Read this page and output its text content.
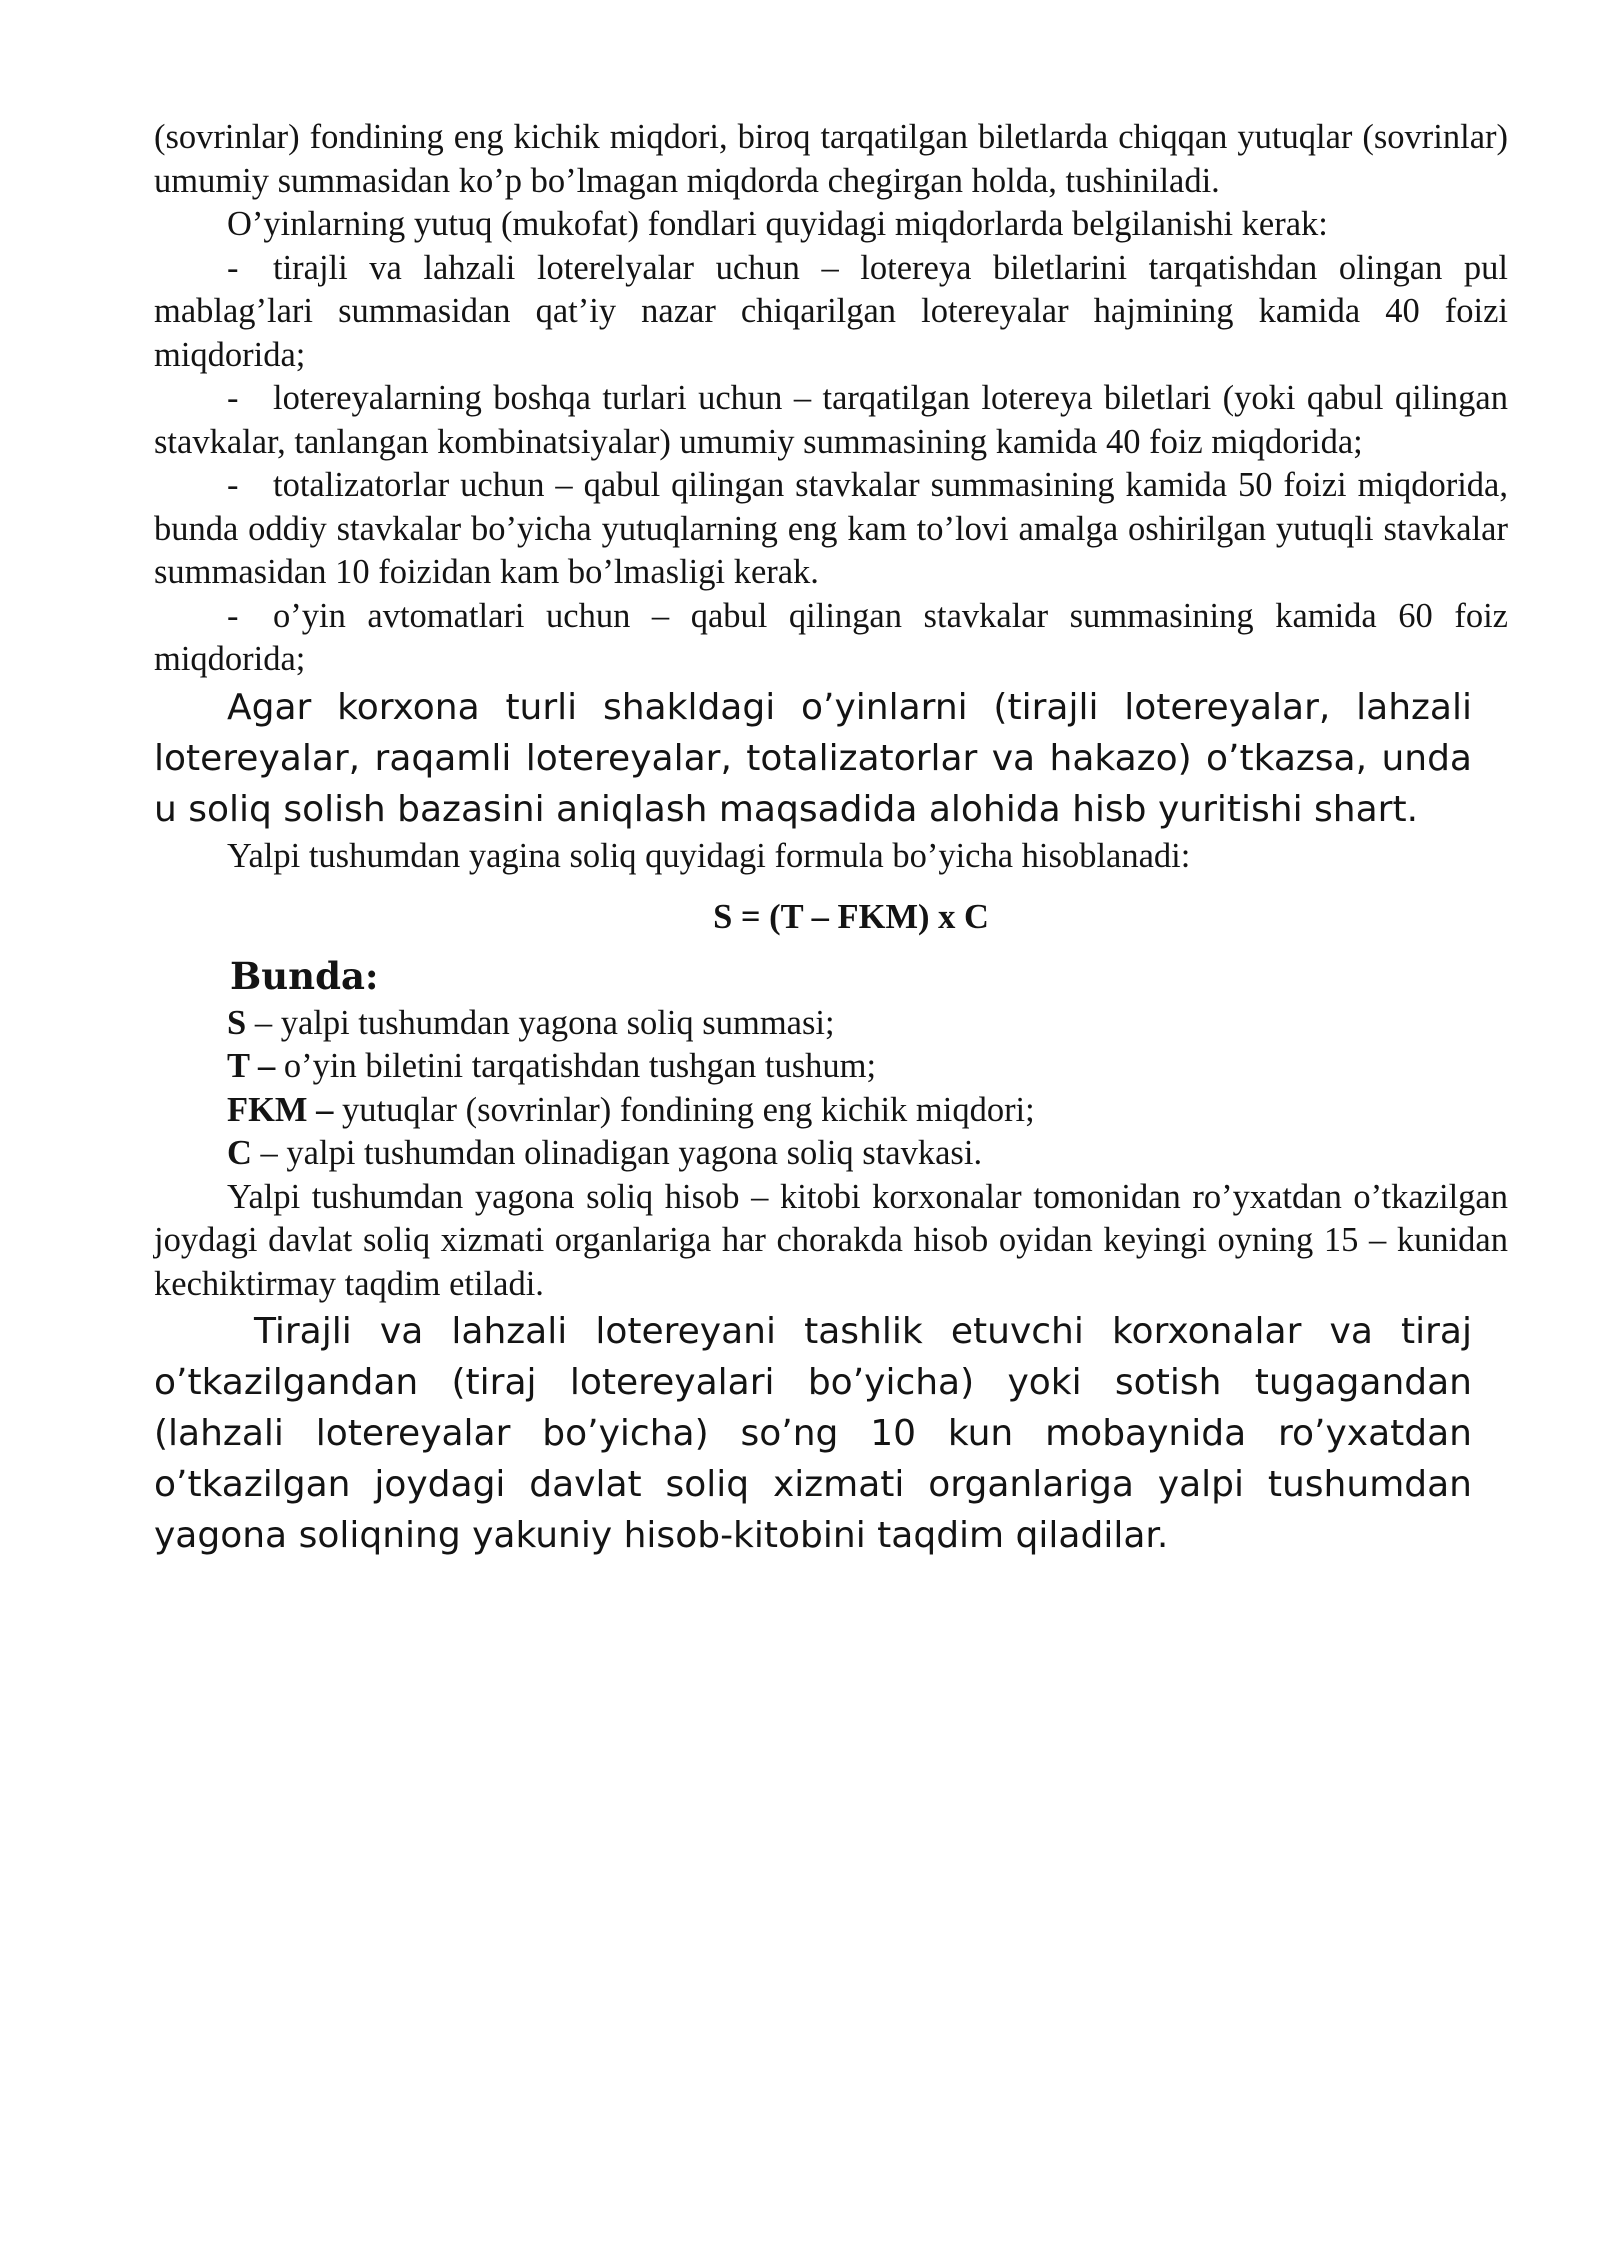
(sovrinlar) fondining eng kichik miqdori, biroq tarqatilgan biletlarda chiqqan yutuqlar (sovrinlar) umumiy summasidan ko’p bo’lmagan miqdorda chegirgan holda, tushiniladi.

O’yinlarning yutuq (mukofat) fondlari quyidagi miqdorlarda belgilanishi kerak:

- tirajli va lahzali loterelyalar uchun – lotereya biletlarini tarqatishdan olingan pul mablag’lari summasidan qat’iy nazar chiqarilgan lotereyalar hajmining kamida 40 foizi miqdorida;

- lotereyalarning boshqa turlari uchun – tarqatilgan lotereya biletlari (yoki qabul qilingan stavkalar, tanlangan kombinatsiyalar) umumiy summasining kamida 40 foiz miqdorida;

- totalizatorlar uchun – qabul qilingan stavkalar summasining kamida 50 foizi miqdorida, bunda oddiy stavkalar bo’yicha yutuqlarning eng kam to’lovi amalga oshirilgan yutuqli stavkalar summasidan 10 foizidan kam bo’lmasligi kerak.

- o’yin avtomatlari uchun – qabul qilingan stavkalar summasining kamida 60 foiz miqdorida;

Agar korxona turli shakldagi o’yinlarni (tirajli lotereyalar, lahzali lotereyalar, raqamli lotereyalar, totalizatorlar va hakazo) o’tkazsa, unda u soliq solish bazasini aniqlash maqsadida alohida hisb yuritishi shart.

Yalpi tushumdan yagina soliq quyidagi formula bo’yicha hisoblanadi:

S = (T – FKM) x C

Bunda:

S – yalpi tushumdan yagona soliq summasi;

T – o’yin biletini tarqatishdan tushgan tushum;

FKM – yutuqlar (sovrinlar) fondining eng kichik miqdori;

C – yalpi tushumdan olinadigan yagona soliq stavkasi.

Yalpi tushumdan yagona soliq hisob – kitobi korxonalar tomonidan ro’yxatdan o’tkazilgan joydagi davlat soliq xizmati organlariga har chorakda hisob oyidan keyingi oyning 15 – kunidan kechiktirmay taqdim etiladi.

Tirajli va lahzali lotereyani tashlik etuvchi korxonalar va tiraj o’tkazilgandan (tiraj lotereyalari bo’yicha) yoki sotish tugagandan (lahzali lotereyalar bo’yicha) so’ng 10 kun mobaynida ro’yxatdan o’tkazilgan joydagi davlat soliq xizmati organlariga yalpi tushumdan yagona soliqning yakuniy hisob-kitobini taqdim qiladilar.
